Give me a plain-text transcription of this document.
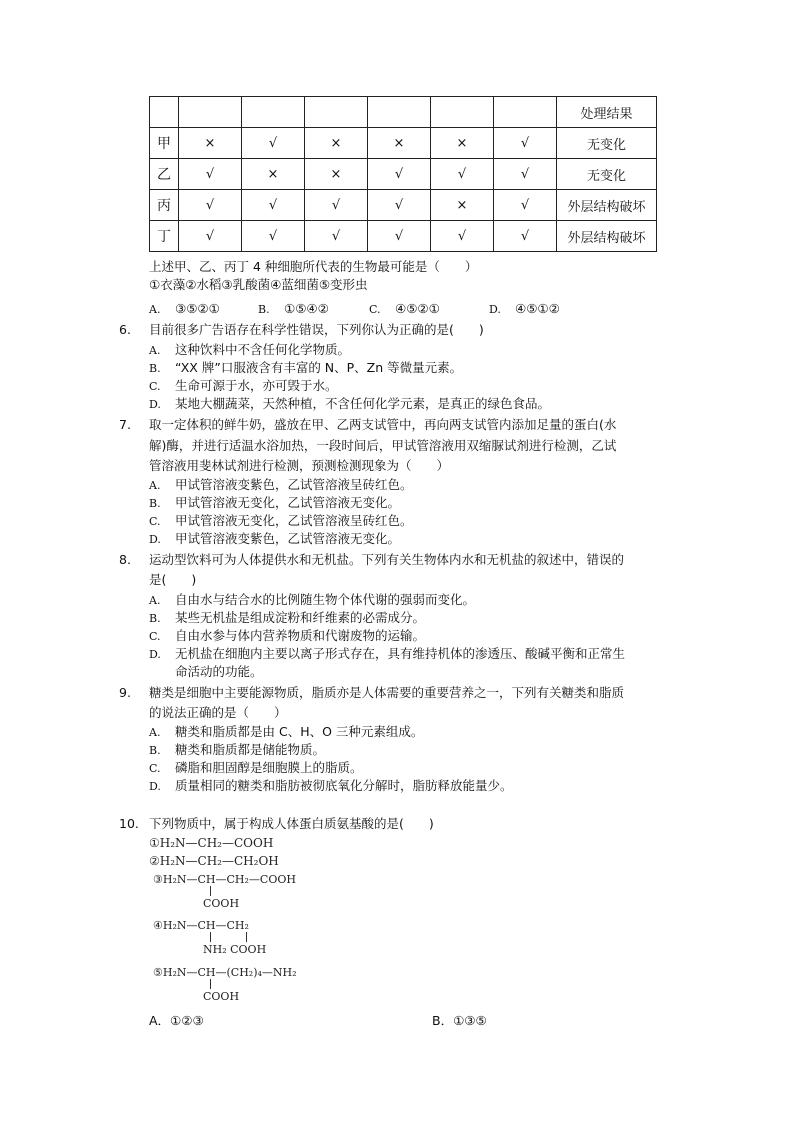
							处理结果
甲	×	√	×	×	×	√	无变化
乙	√	×	×	√	√	√	无变化
丙	√	√	√	√	×	√	外层结构破坏
丁	√	√	√	√	√	√	外层结构破坏
上述甲、乙、丙丁 4 种细胞所代表的生物最可能是（　　）
①衣藻②水稻③乳酸菌④蓝细菌⑤变形虫
A. ③⑤②①	B. ①⑤④②	C. ④⑤②①	D. ④⑤①②
6. 目前很多广告语存在科学性错误，下列你认为正确的是(　　)
A. 这种饮料中不含任何化学物质。
B. “XX 牌”口服液含有丰富的 N、P、Zn 等微量元素。
C. 生命可源于水，亦可毁于水。
D. 某地大棚蔬菜，天然种植，不含任何化学元素，是真正的绿色食品。
7. 取一定体积的鲜牛奶，盛放在甲、乙两支试管中，再向两支试管内添加足量的蛋白(水
解)酶，并进行适温水浴加热，一段时间后，甲试管溶液用双缩脲试剂进行检测，乙试
管溶液用斐林试剂进行检测，预测检测现象为（　　）
A. 甲试管溶液变紫色，乙试管溶液呈砖红色。
B. 甲试管溶液无变化，乙试管溶液无变化。
C. 甲试管溶液无变化，乙试管溶液呈砖红色。
D. 甲试管溶液变紫色，乙试管溶液无变化。
8. 运动型饮料可为人体提供水和无机盐。下列有关生物体内水和无机盐的叙述中，错误的
是(　　)
A. 自由水与结合水的比例随生物个体代谢的强弱而变化。
B. 某些无机盐是组成淀粉和纤维素的必需成分。
C. 自由水参与体内营养物质和代谢废物的运输。
D. 无机盐在细胞内主要以离子形式存在，具有维持机体的渗透压、酸碱平衡和正常生
命活动的功能。
9. 糖类是细胞中主要能源物质，脂质亦是人体需要的重要营养之一，下列有关糖类和脂质
的说法正确的是（　　）
A. 糖类和脂质都是由 C、H、O 三种元素组成。
B. 糖类和脂质都是储能物质。
C. 磷脂和胆固醇是细胞膜上的脂质。
D. 质量相同的糖类和脂肪被彻底氧化分解时，脂肪释放能量少。
10. 下列物质中，属于构成人体蛋白质氨基酸的是(　　)
①H₂N—CH₂—COOH
②H₂N—CH₂—CH₂OH
③H₂N—CH—CH₂—COOH
COOH
④H₂N—CH—CH₂
NH₂ COOH
⑤H₂N—CH—(CH₂)₄—NH₂
COOH
A．①②③	B．①③⑤
